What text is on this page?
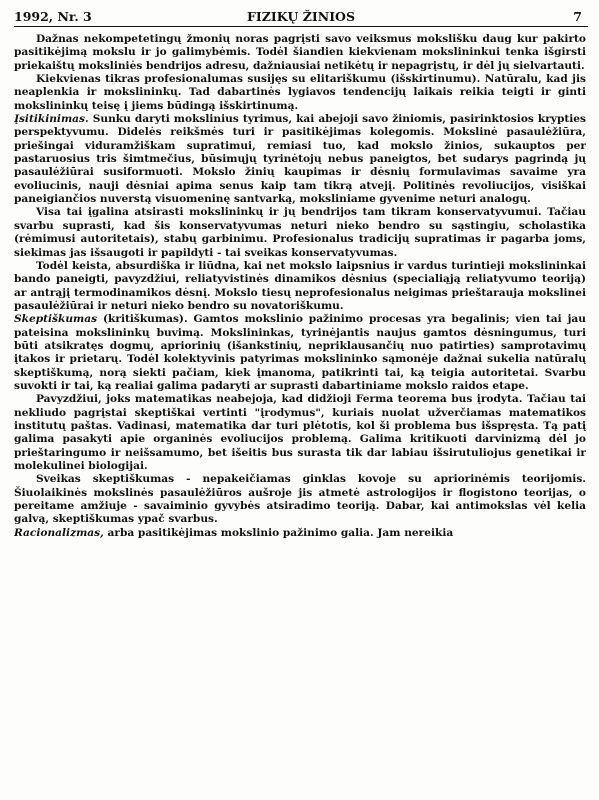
1992, Nr. 3	FIZIKŲ ŽINIOS	7

Dažnas nekompetetingų žmonių noras pagrįsti savo veiksmus mokslišku daug kur pakirto pasitikėjimą mokslu ir jo galimybėmis. Todėl šiandien kiekvienam mokslininkui tenka išgirsti priekaištų moksliniės bendrijos adresu, dažniausiai netikėtų ir nepagrįstų, ir dėl jų sielvartauti.

Kiekvienas tikras profesionalumas susijęs su elitariškumu (išskirtinumu). Natūralu, kad jis neaplenkia ir mokslininkų. Tad dabartinės lygiavos tendencijų laikais reikia teigti ir ginti mokslininkų teisę į jiems būdingą išskirtinumą.

Įsitikinimas. Sunku daryti mokslinius tyrimus, kai abejoji savo žiniomis, pasirinktosios krypties perspektyvumu. Didelės reikšmės turi ir pasitikėjimas kolegomis. Mokslinė pasaulėžiūra, priešingai viduramžiškam supratimui, remiasi tuo, kad mokslo žinios, sukauptos per pastaruosius tris šimtmečius, būsimųjų tyrinėtojų nebus paneigtos, bet sudarys pagrindą jų pasaulėžiūrai susiformuoti. Mokslo žinių kaupimas ir dėsnių formulavimas savaime yra evoliucinis, nauji dėsniai apima senus kaip tam tikrą atvejį. Politinės revoliucijos, visiškai paneigiančios nuverstą visuomeninę santvarką, moksliniame gyvenime neturi analogų.

Visa tai įgalina atsirasti mokslininkų ir jų bendrijos tam tikram konservatyvumui. Tačiau svarbu suprasti, kad šis konservatyvumas neturi nieko bendro su sąstingiu, scholastika (rėmimusi autoritetais), stabų garbinimu. Profesionalus tradicijų supratimas ir pagarba joms, siekimas jas išsaugoti ir papildyti - tai sveikas konservatyvumas.

Todėl keista, absurdiška ir liūdna, kai net mokslo laipsnius ir vardus turintieji mokslininkai bando paneigti, pavyzdžiui, reliatyvistinės dinamikos dėsnius (specialiąją reliatyvumo teoriją) ar antrąjį termodinamikos dėsnį. Mokslo tiesų neprofesionalus neigimas prieštarauja mokslinei pasaulėžiūrai ir neturi nieko bendro su novatoriškumu.

Skeptiškumas (kritiškumas). Gamtos mokslinio pažinimo procesas yra begalinis; vien tai jau pateisina mokslininkų buvimą. Mokslininkas, tyrinėjantis naujus gamtos dėsningumus, turi būti atsikratęs dogmų, apriorinių (išankstinių, nepriklausančių nuo patirties) samprotavimų įtakos ir prietarų. Todėl kolektyvinis patyrimas mokslininko sąmonėje dažnai sukelia natūralų skeptiškumą, norą siekti pačiam, kiek įmanoma, patikrinti tai, ką teigia autoritetai. Svarbu suvokti ir tai, ką realiai galima padaryti ar suprasti dabartiniame mokslo raidos etape.

Pavyzdžiui, joks matematikas neabejoja, kad didžioji Ferma teorema bus įrodyta. Tačiau tai nekliudo pagrįstai skeptiškai vertinti "įrodymus", kuriais nuolat užverčiamas matematikos institutų paštas. Vadinasi, matematika dar turi plėtotis, kol ši problema bus išspręsta. Tą patį galima pasakyti apie organinės evoliucijos problemą. Galima kritikuoti darvinizmą dėl jo prieštaringumo ir neišsamumo, bet išeitis bus surasta tik dar labiau išsirutuliojus genetikai ir molekulinei biologijai.

Sveikas skeptiškumas - nepakeičiamas ginklas kovoje su apriorinėmis teorijomis. Šiuolaikinės mokslinės pasaulėžiūros aušroje jis atmetė astrologijos ir flogistono teorijas, o pereitame amžiuje - savaiminio gyvybės atsiradimo teoriją. Dabar, kai antimokslas vėl kelia galvą, skeptiškumas ypač svarbus.

Racionalizmas, arba pasitikėjimas mokslinio pažinimo galia. Jam nereikia
